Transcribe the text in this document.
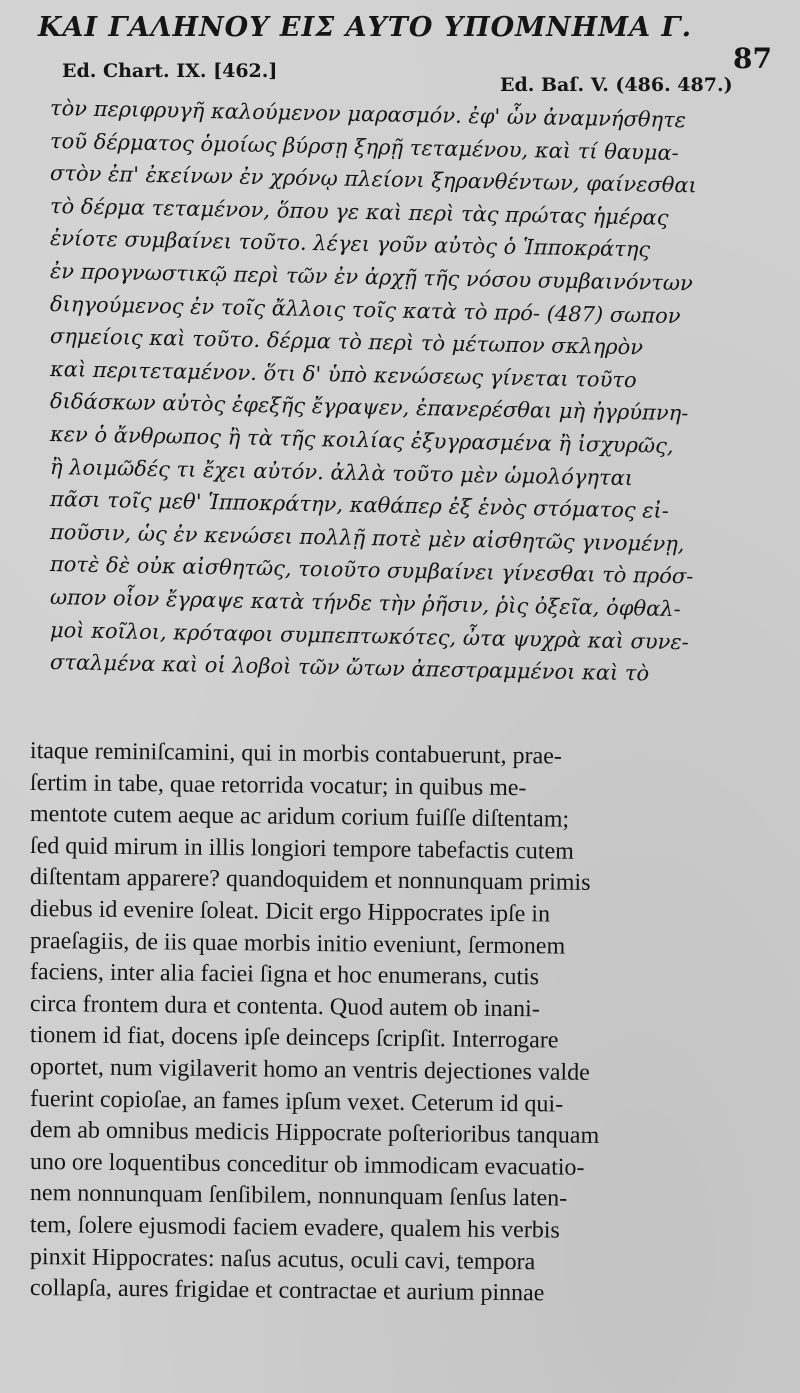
ΚΑΙ ΓΑΛΗΝΟΥ ΕΙΣ ΑΥΤΟ ΥΠΟΜΝΗΜΑ Γ.
87
Ed. Chart. IX. [462.]
Ed. Baſ. V. (486. 487.)
τὸν περιφρυγῆ καλούμενον μαρασμόν. ἐφ' ὧν ἀναμνήσθητε
τοῦ δέρματος ὁμοίως βύρσῃ ξηρῇ τεταμένου, καὶ τί θαυμα-
στὸν ἐπ' ἐκείνων ἐν χρόνῳ πλείονι ξηρανθέντων, φαίνεσθαι
τὸ δέρμα τεταμένον, ὅπου γε καὶ περὶ τὰς πρώτας ἡμέρας
ἐνίοτε συμβαίνει τοῦτο. λέγει γοῦν αὐτὸς ὁ Ἱπποκράτης
ἐν προγνωστικῷ περὶ τῶν ἐν ἀρχῇ τῆς νόσου συμβαινόντων
διηγούμενος ἐν τοῖς ἄλλοις τοῖς κατὰ τὸ πρό- (487) σωπον
σημείοις καὶ τοῦτο. δέρμα τὸ περὶ τὸ μέτωπον σκληρὸν
καὶ περιτεταμένον. ὅτι δ' ὑπὸ κενώσεως γίνεται τοῦτο
διδάσκων αὐτὸς ἐφεξῆς ἔγραψεν, ἐπανερέσθαι μὴ ἠγρύπνη-
κεν ὁ ἄνθρωπος ἢ τὰ τῆς κοιλίας ἐξυγρασμένα ἢ ἰσχυρῶς,
ἢ λοιμῶδές τι ἔχει αὐτόν. ἀλλὰ τοῦτο μὲν ὡμολόγηται
πᾶσι τοῖς μεθ' Ἱπποκράτην, καθάπερ ἐξ ἑνὸς στόματος εἰ-
ποῦσιν, ὡς ἐν κενώσει πολλῇ ποτὲ μὲν αἰσθητῶς γινομένῃ,
ποτὲ δὲ οὐκ αἰσθητῶς, τοιοῦτο συμβαίνει γίνεσθαι τὸ πρόσ-
ωπον οἷον ἔγραψε κατὰ τήνδε τὴν ῥῆσιν, ῥὶς ὀξεῖα, ὀφθαλ-
μοὶ κοῖλοι, κρόταφοι συμπεπτωκότες, ὦτα ψυχρὰ καὶ συνε-
σταλμένα καὶ οἱ λοβοὶ τῶν ὤτων ἀπεστραμμένοι καὶ τὸ
itaque reminiſcamini, qui in morbis contabuerunt, prae-
ſertim in tabe, quae retorrida vocatur; in quibus me-
mentote cutem aeque ac aridum corium fuiſſe diſtentam;
ſed quid mirum in illis longiori tempore tabefactis cutem
diſtentam apparere? quandoquidem et nonnunquam primis
diebus id evenire ſoleat. Dicit ergo Hippocrates ipſe in
praeſagiis, de iis quae morbis initio eveniunt, ſermonem
faciens, inter alia faciei ſigna et hoc enumerans, cutis
circa frontem dura et contenta. Quod autem ob inani-
tionem id fiat, docens ipſe deinceps ſcripſit. Interrogare
oportet, num vigilaverit homo an ventris dejectiones valde
fuerint copioſae, an fames ipſum vexet. Ceterum id qui-
dem ab omnibus medicis Hippocrate poſterioribus tanquam
uno ore loquentibus conceditur ob immodicam evacuatio-
nem nonnunquam ſenſibilem, nonnunquam ſenſus laten-
tem, ſolere ejusmodi faciem evadere, qualem his verbis
pinxit Hippocrates: naſus acutus, oculi cavi, tempora
collapſa, aures frigidae et contractae et aurium pinnae
